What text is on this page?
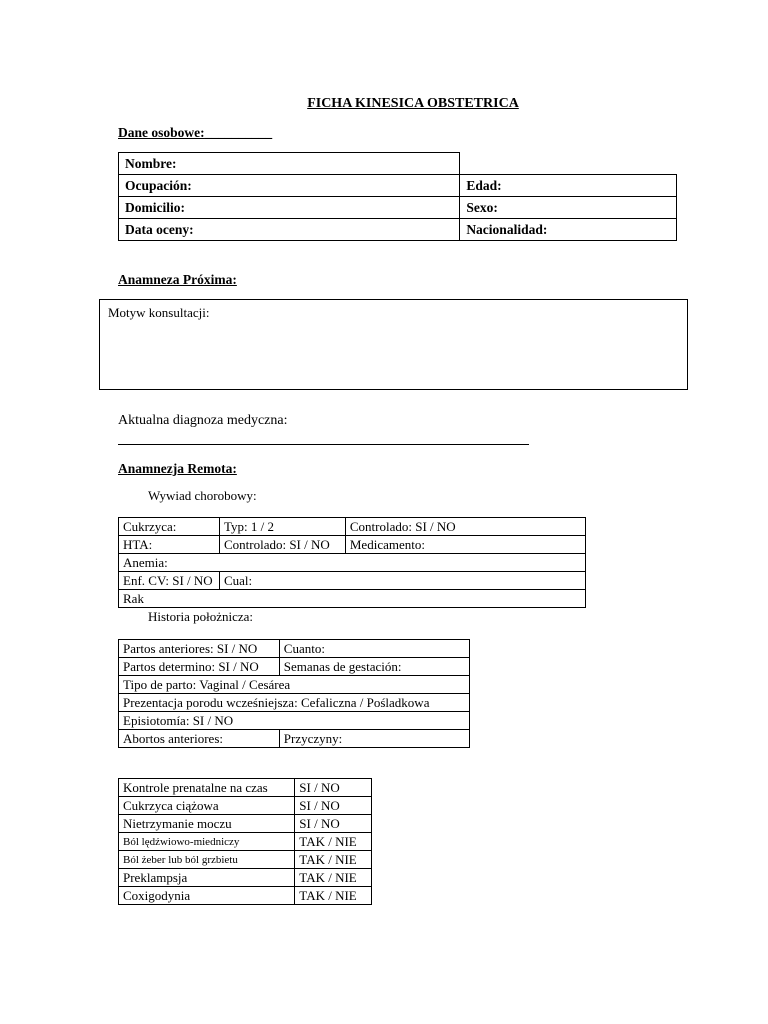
FICHA KINESICA OBSTETRICA
Dane osobowe:__________
Nombre:	
Ocupación:	Edad:
Domicilio:	Sexo:
Data oceny:	Nacionalidad:
Anamneza Próxima:
Motyw konsultacji:
Aktualna diagnoza medyczna:
Anamnezja Remota:
Wywiad chorobowy:
Cukrzyca:	Typ: 1 / 2	Controlado: SI / NO
HTA:	Controlado: SI / NO	Medicamento:
Anemia:		
Enf. CV: SI / NO	Cual:	
Rak		
Historia położnicza:
Partos anteriores: SI / NO	Cuanto:
Partos determino: SI / NO	Semanas de gestación:
Tipo de parto: Vaginal / Cesárea	
Prezentacja porodu wcześniejsza: Cefaliczna / Pośladkowa	
Episiotomía: SI / NO	
Abortos anteriores:	Przyczyny:
Kontrole prenatalne na czas	SI / NO
Cukrzyca ciążowa	SI / NO
Nietrzymanie moczu	SI / NO
Ból lędźwiowo-miedniczy	TAK / NIE
Ból żeber lub ból grzbietu	TAK / NIE
Preklampsja	TAK / NIE
Coxigodynia	TAK / NIE
